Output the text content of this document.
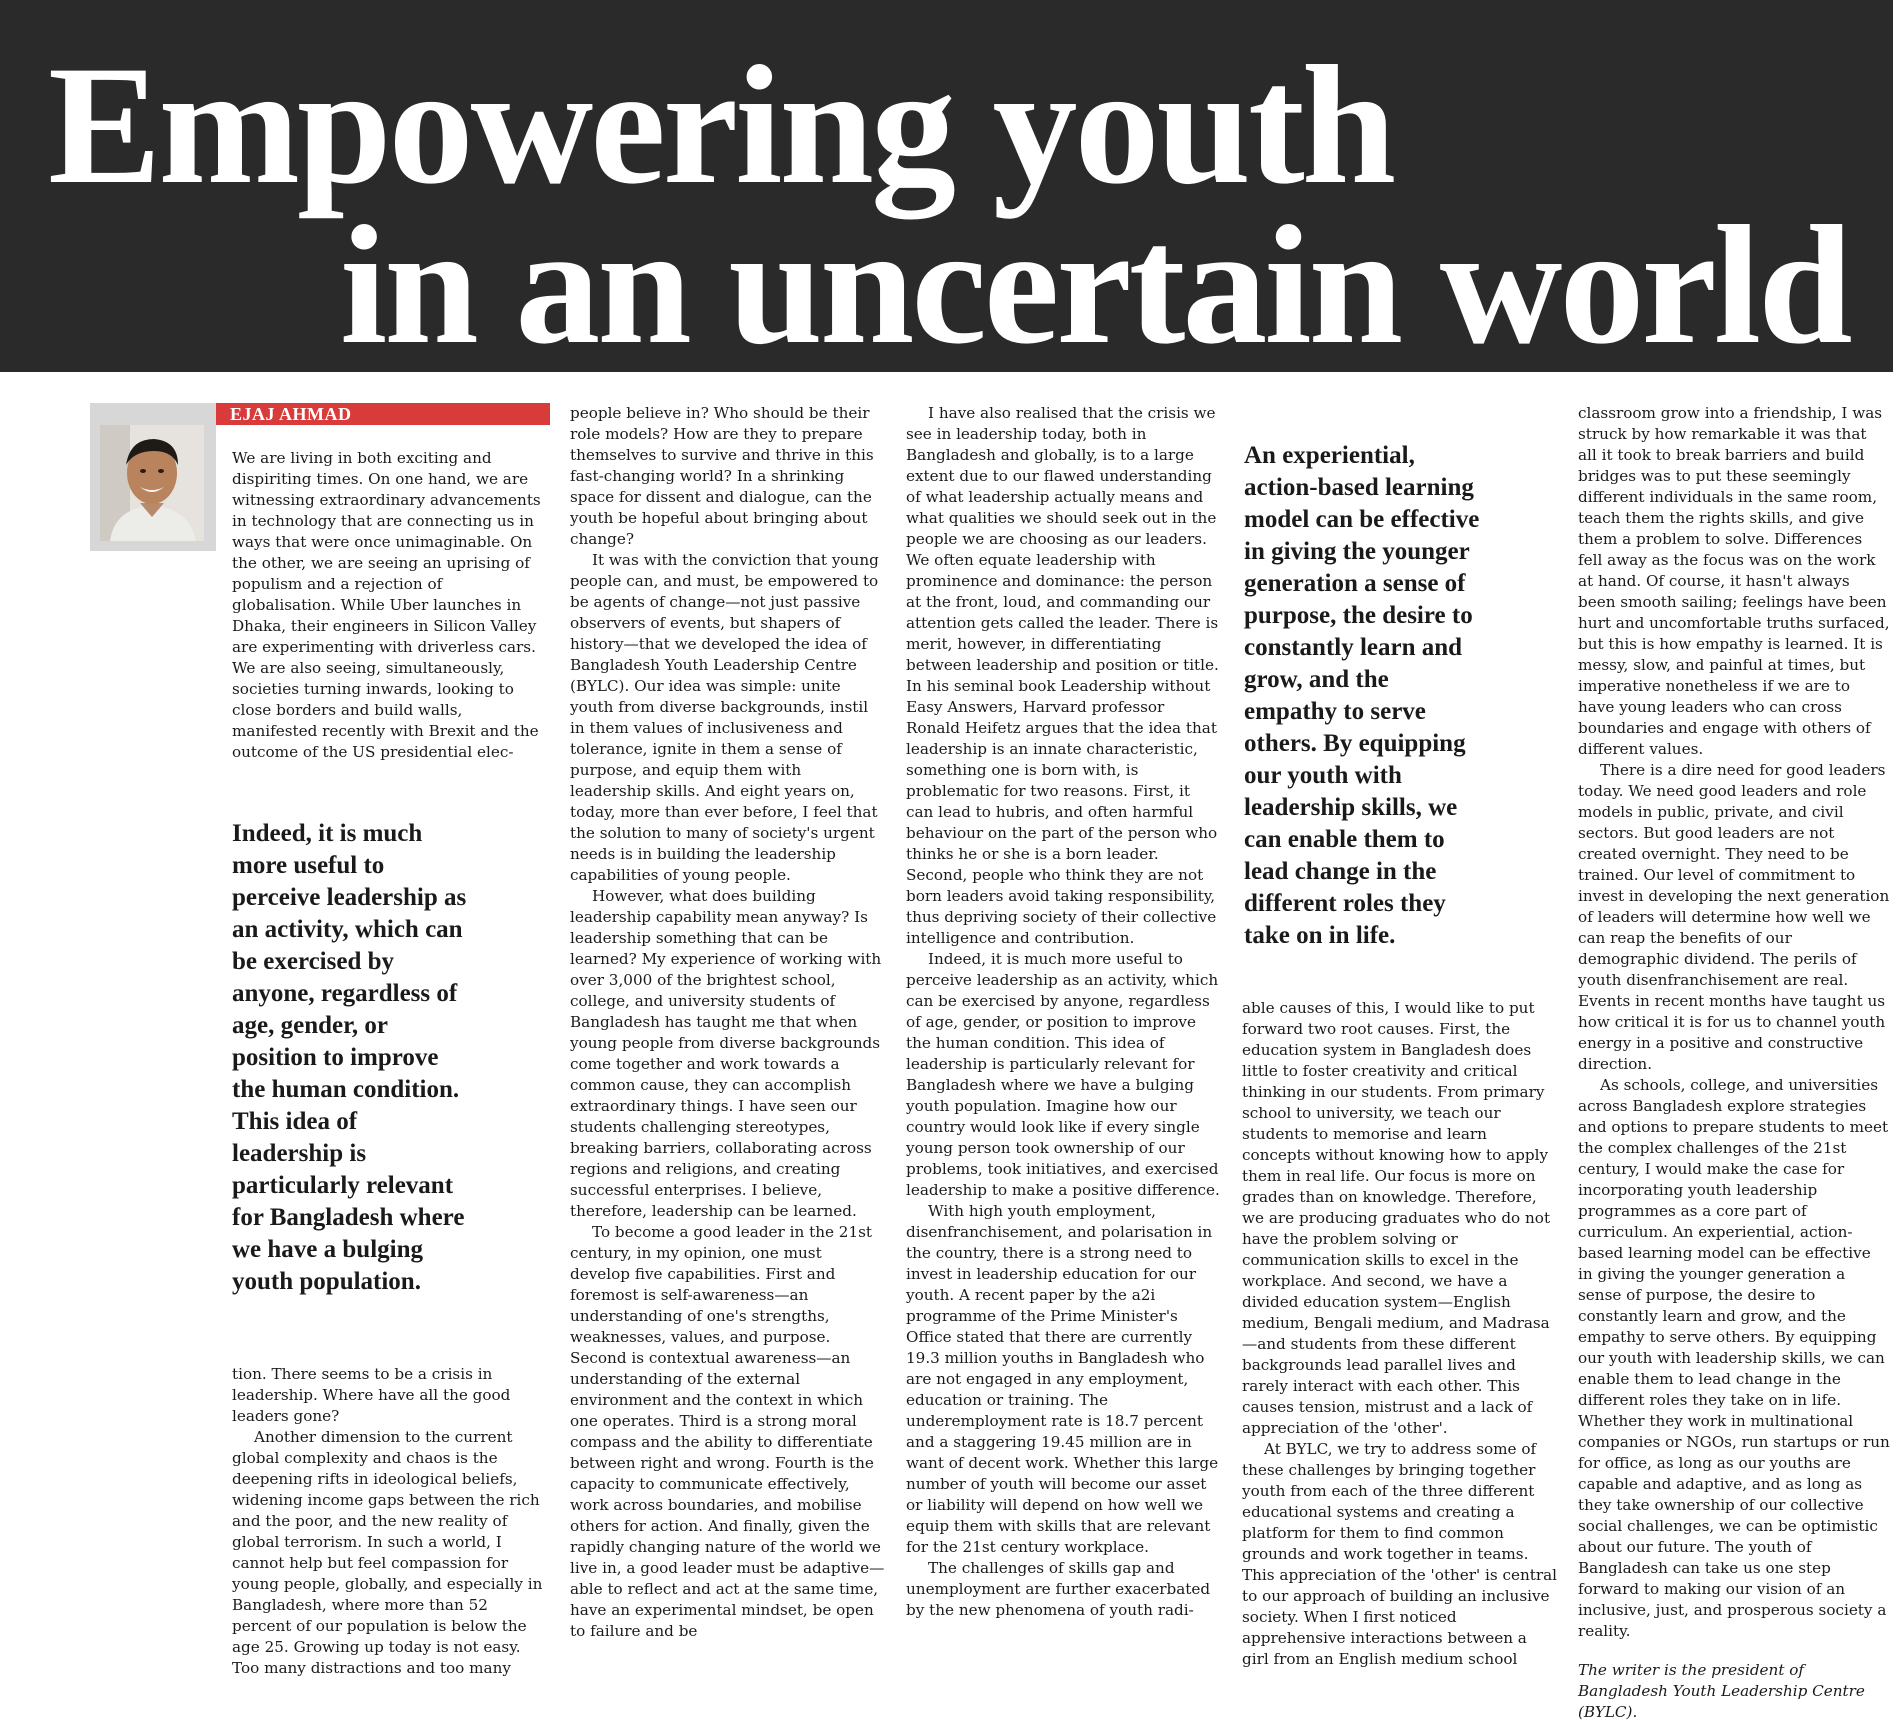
Empowering youth
in an uncertain world
EJAJ AHMAD

We are living in both exciting and dispiriting times. On one hand, we are witnessing extraordinary advancements in technology that are connecting us in ways that were once unimaginable. On the other, we are seeing an uprising of populism and a rejection of globalisation. While Uber launches in Dhaka, their engineers in Silicon Valley are experimenting with driverless cars. We are also seeing, simultaneously, societies turning inwards, looking to close borders and build walls, manifested recently with Brexit and the outcome of the US presidential elec-

Indeed, it is much more useful to perceive leadership as an activity, which can be exercised by anyone, regardless of age, gender, or position to improve the human condition. This idea of leadership is particularly relevant for Bangladesh where we have a bulging youth population.

tion. There seems to be a crisis in leadership. Where have all the good leaders gone?

Another dimension to the current global complexity and chaos is the deepening rifts in ideological beliefs, widening income gaps between the rich and the poor, and the new reality of global terrorism. In such a world, I cannot help but feel compassion for young people, globally, and especially in Bangladesh, where more than 52 percent of our population is below the age 25. Growing up today is not easy. Too many distractions and too many

people believe in? Who should be their role models? How are they to prepare themselves to survive and thrive in this fast-changing world? In a shrinking space for dissent and dialogue, can the youth be hopeful about bringing about change?

It was with the conviction that young people can, and must, be empowered to be agents of change—not just passive observers of events, but shapers of history—that we developed the idea of Bangladesh Youth Leadership Centre (BYLC). Our idea was simple: unite youth from diverse backgrounds, instil in them values of inclusiveness and tolerance, ignite in them a sense of purpose, and equip them with leadership skills. And eight years on, today, more than ever before, I feel that the solution to many of society's urgent needs is in building the leadership capabilities of young people.

However, what does building leadership capability mean anyway? Is leadership something that can be learned? My experience of working with over 3,000 of the brightest school, college, and university students of Bangladesh has taught me that when young people from diverse backgrounds come together and work towards a common cause, they can accomplish extraordinary things. I have seen our students challenging stereotypes, breaking barriers, collaborating across regions and religions, and creating successful enterprises. I believe, therefore, leadership can be learned.

To become a good leader in the 21st century, in my opinion, one must develop five capabilities. First and foremost is self-awareness—an understanding of one's strengths, weaknesses, values, and purpose. Second is contextual awareness—an understanding of the external environment and the context in which one operates. Third is a strong moral compass and the ability to differentiate between right and wrong. Fourth is the capacity to communicate effectively, work across boundaries, and mobilise others for action. And finally, given the rapidly changing nature of the world we live in, a good leader must be adaptive—able to reflect and act at the same time, have an experimental mindset, be open to failure and be

I have also realised that the crisis we see in leadership today, both in Bangladesh and globally, is to a large extent due to our flawed understanding of what leadership actually means and what qualities we should seek out in the people we are choosing as our leaders. We often equate leadership with prominence and dominance: the person at the front, loud, and commanding our attention gets called the leader. There is merit, however, in differentiating between leadership and position or title. In his seminal book Leadership without Easy Answers, Harvard professor Ronald Heifetz argues that the idea that leadership is an innate characteristic, something one is born with, is problematic for two reasons. First, it can lead to hubris, and often harmful behaviour on the part of the person who thinks he or she is a born leader. Second, people who think they are not born leaders avoid taking responsibility, thus depriving society of their collective intelligence and contribution.

Indeed, it is much more useful to perceive leadership as an activity, which can be exercised by anyone, regardless of age, gender, or position to improve the human condition. This idea of leadership is particularly relevant for Bangladesh where we have a bulging youth population. Imagine how our country would look like if every single young person took ownership of our problems, took initiatives, and exercised leadership to make a positive difference.

With high youth employment, disenfranchisement, and polarisation in the country, there is a strong need to invest in leadership education for our youth. A recent paper by the a2i programme of the Prime Minister's Office stated that there are currently 19.3 million youths in Bangladesh who are not engaged in any employment, education or training. The underemployment rate is 18.7 percent and a staggering 19.45 million are in want of decent work. Whether this large number of youth will become our asset or liability will depend on how well we equip them with skills that are relevant for the 21st century workplace.

The challenges of skills gap and unemployment are further exacerbated by the new phenomena of youth radi-

An experiential, action-based learning model can be effective in giving the younger generation a sense of purpose, the desire to constantly learn and grow, and the empathy to serve others. By equipping our youth with leadership skills, we can enable them to lead change in the different roles they take on in life.

able causes of this, I would like to put forward two root causes. First, the education system in Bangladesh does little to foster creativity and critical thinking in our students. From primary school to university, we teach our students to memorise and learn concepts without knowing how to apply them in real life. Our focus is more on grades than on knowledge. Therefore, we are producing graduates who do not have the problem solving or communication skills to excel in the workplace. And second, we have a divided education system—English medium, Bengali medium, and Madrasa—and students from these different backgrounds lead parallel lives and rarely interact with each other. This causes tension, mistrust and a lack of appreciation of the 'other'.

At BYLC, we try to address some of these challenges by bringing together youth from each of the three different educational systems and creating a platform for them to find common grounds and work together in teams. This appreciation of the 'other' is central to our approach of building an inclusive society. When I first noticed apprehensive interactions between a girl from an English medium school

classroom grow into a friendship, I was struck by how remarkable it was that all it took to break barriers and build bridges was to put these seemingly different individuals in the same room, teach them the rights skills, and give them a problem to solve. Differences fell away as the focus was on the work at hand. Of course, it hasn't always been smooth sailing; feelings have been hurt and uncomfortable truths surfaced, but this is how empathy is learned. It is messy, slow, and painful at times, but imperative nonetheless if we are to have young leaders who can cross boundaries and engage with others of different values.

There is a dire need for good leaders today. We need good leaders and role models in public, private, and civil sectors. But good leaders are not created overnight. They need to be trained. Our level of commitment to invest in developing the next generation of leaders will determine how well we can reap the benefits of our demographic dividend. The perils of youth disenfranchisement are real. Events in recent months have taught us how critical it is for us to channel youth energy in a positive and constructive direction.

As schools, college, and universities across Bangladesh explore strategies and options to prepare students to meet the complex challenges of the 21st century, I would make the case for incorporating youth leadership programmes as a core part of curriculum. An experiential, action-based learning model can be effective in giving the younger generation a sense of purpose, the desire to constantly learn and grow, and the empathy to serve others. By equipping our youth with leadership skills, we can enable them to lead change in the different roles they take on in life. Whether they work in multinational companies or NGOs, run startups or run for office, as long as our youths are capable and adaptive, and as long as they take ownership of our collective social challenges, we can be optimistic about our future. The youth of Bangladesh can take us one step forward to making our vision of an inclusive, just, and prosperous society a reality.

The writer is the president of Bangladesh Youth Leadership Centre (BYLC).
